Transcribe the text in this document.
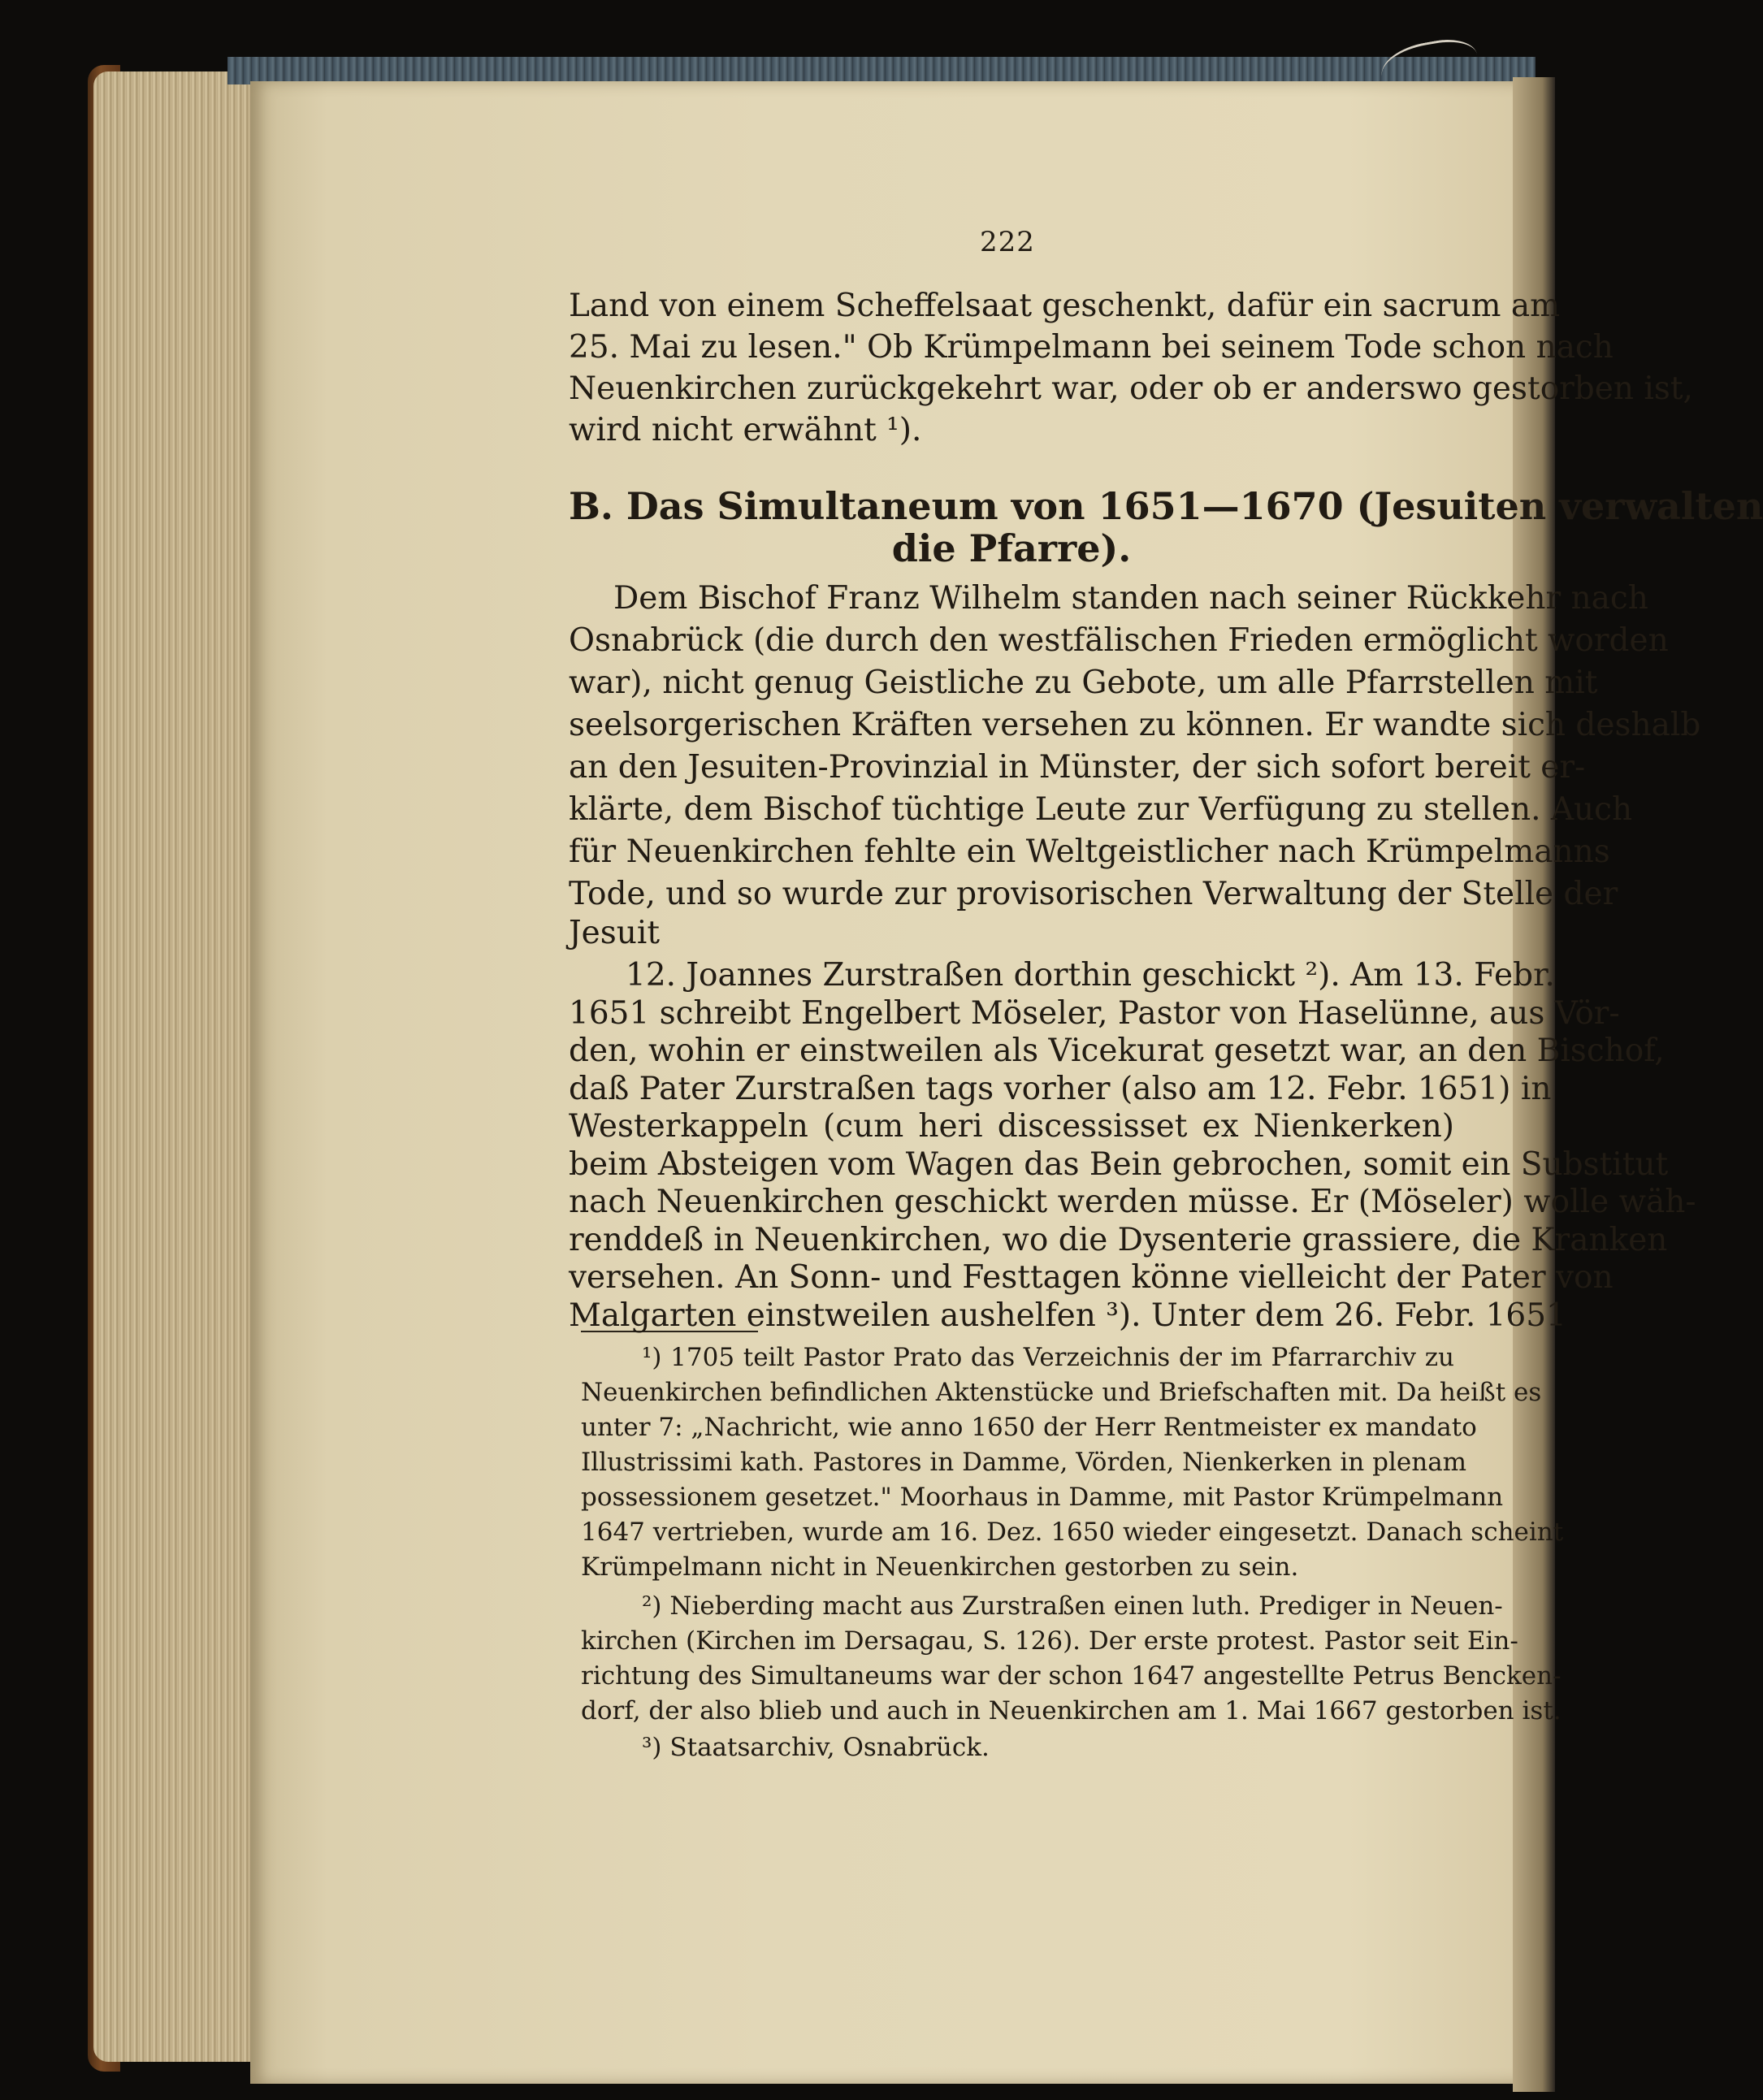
222
Land von einem Scheffelsaat geschenkt, dafür ein sacrum am
25. Mai zu lesen." Ob Krümpelmann bei seinem Tode schon nach
Neuenkirchen zurückgekehrt war, oder ob er anderswo gestorben ist,
wird nicht erwähnt ¹).
B. Das Simultaneum von 1651—1670 (Jesuiten verwalten
die Pfarre).
Dem Bischof Franz Wilhelm standen nach seiner Rückkehr nach
Osnabrück (die durch den westfälischen Frieden ermöglicht worden
war), nicht genug Geistliche zu Gebote, um alle Pfarrstellen mit
seelsorgerischen Kräften versehen zu können. Er wandte sich deshalb
an den Jesuiten-Provinzial in Münster, der sich sofort bereit er-
klärte, dem Bischof tüchtige Leute zur Verfügung zu stellen. Auch
für Neuenkirchen fehlte ein Weltgeistlicher nach Krümpelmanns
Tode, und so wurde zur provisorischen Verwaltung der Stelle der
Jesuit
12. Joannes Zurstraßen dorthin geschickt ²). Am 13. Febr.
1651 schreibt Engelbert Möseler, Pastor von Haselünne, aus Vör-
den, wohin er einstweilen als Vicekurat gesetzt war, an den Bischof,
daß Pater Zurstraßen tags vorher (also am 12. Febr. 1651) in
Westerkappeln (cum heri discessisset ex Nienkerken)
beim Absteigen vom Wagen das Bein gebrochen, somit ein Substitut
nach Neuenkirchen geschickt werden müsse. Er (Möseler) wolle wäh-
renddeß in Neuenkirchen, wo die Dysenterie grassiere, die Kranken
versehen. An Sonn- und Festtagen könne vielleicht der Pater von
¹) 1705 teilt Pastor Prato das Verzeichnis der im Pfarrarchiv zu
Neuenkirchen befindlichen Aktenstücke und Briefschaften mit. Da heißt es
unter 7: „Nachricht, wie anno 1650 der Herr Rentmeister ex mandato
Illustrissimi kath. Pastores in Damme, Vörden, Nienkerken in plenam
possessionem gesetzet." Moorhaus in Damme, mit Pastor Krümpelmann
1647 vertrieben, wurde am 16. Dez. 1650 wieder eingesetzt. Danach scheint
Krümpelmann nicht in Neuenkirchen gestorben zu sein.
²) Nieberding macht aus Zurstraßen einen luth. Prediger in Neuen-
kirchen (Kirchen im Dersagau, S. 126). Der erste protest. Pastor seit Ein-
richtung des Simultaneums war der schon 1647 angestellte Petrus Bencken-
dorf, der also blieb und auch in Neuenkirchen am 1. Mai 1667 gestorben ist.
³) Staatsarchiv, Osnabrück.
Malgarten einstweilen aushelfen ³). Unter dem 26. Febr. 1651
